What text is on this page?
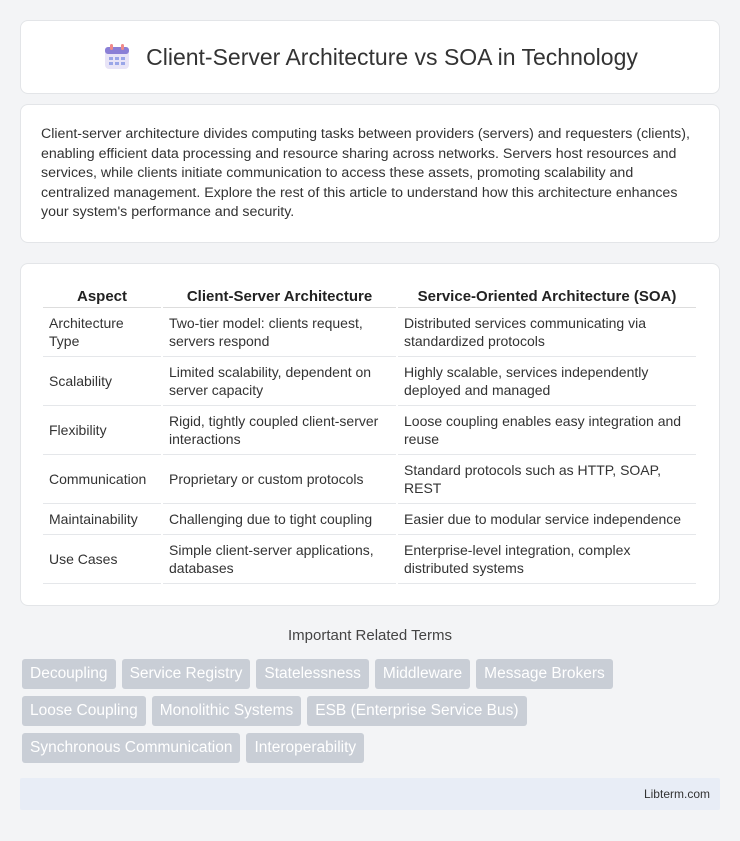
Client-Server Architecture vs SOA in Technology

Client-server architecture divides computing tasks between providers (servers) and requesters (clients), enabling efficient data processing and resource sharing across networks. Servers host resources and services, while clients initiate communication to access these assets, promoting scalability and centralized management. Explore the rest of this article to understand how this architecture enhances your system's performance and security.

Aspect	Client-Server Architecture	Service-Oriented Architecture (SOA)
Architecture Type	Two-tier model: clients request, servers respond	Distributed services communicating via standardized protocols
Scalability	Limited scalability, dependent on server capacity	Highly scalable, services independently deployed and managed
Flexibility	Rigid, tightly coupled client-server interactions	Loose coupling enables easy integration and reuse
Communication	Proprietary or custom protocols	Standard protocols such as HTTP, SOAP, REST
Maintainability	Challenging due to tight coupling	Easier due to modular service independence
Use Cases	Simple client-server applications, databases	Enterprise-level integration, complex distributed systems
Important Related Terms
Decoupling	Service Registry	Statelessness	Middleware	Message Brokers
Loose Coupling	Monolithic Systems	ESB (Enterprise Service Bus)
Synchronous Communication	Interoperability
Libterm.com
